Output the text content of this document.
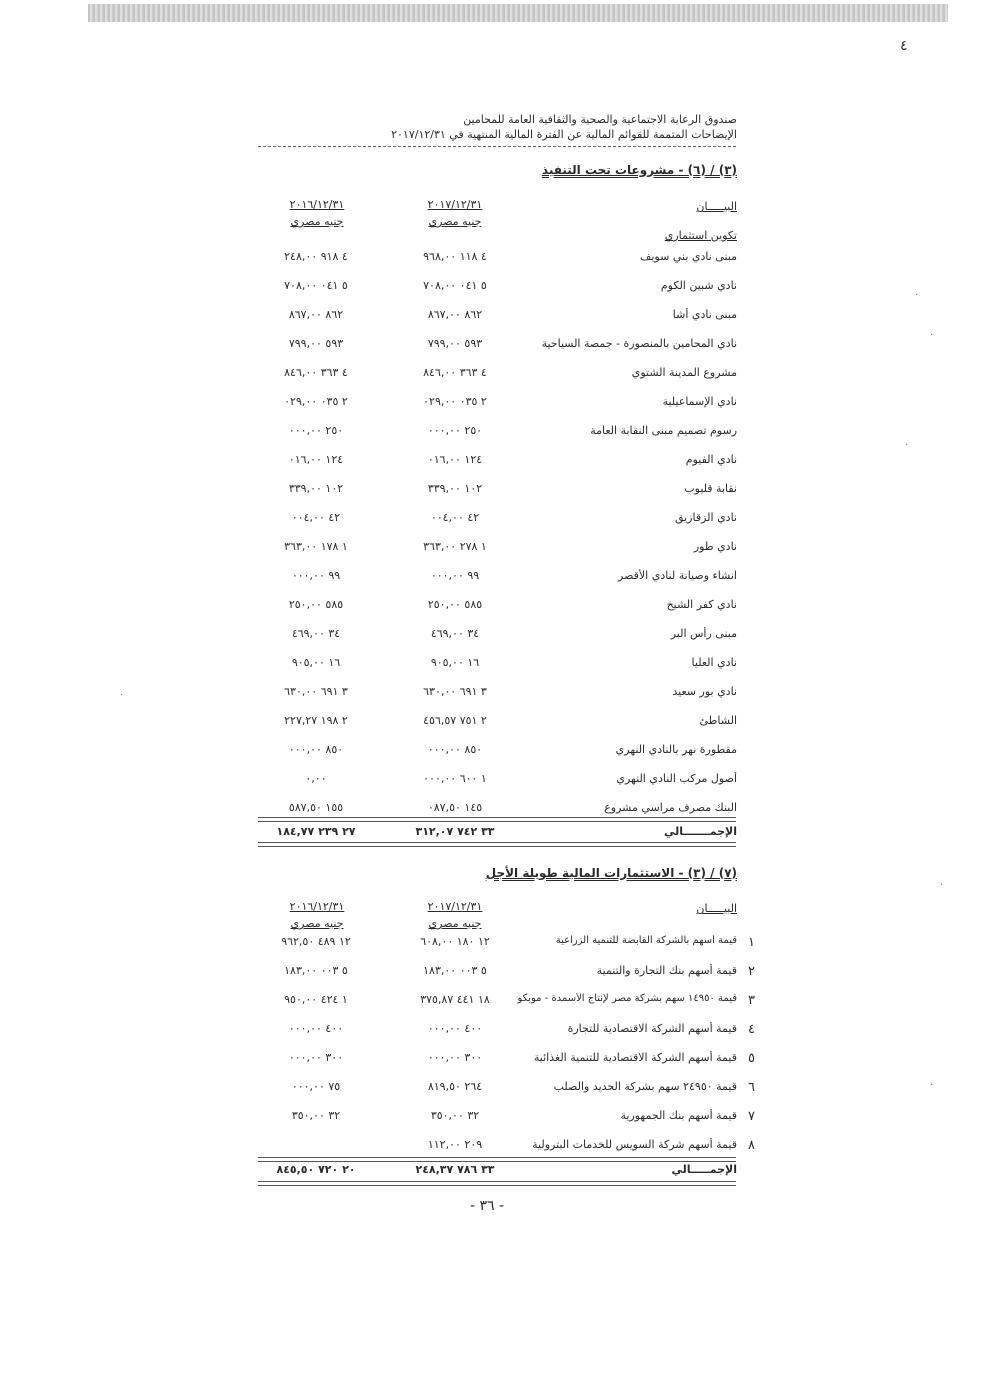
٤
صندوق الرعاية الاجتماعية والصحية والثقافية العامة للمحامين
الإيضاحات المتممة للقوائم المالية عن الفترة المالية المنتهية في ٢٠١٧/١٢/٣١
(٣) / (٦) - مشروعات تحت التنفيذ
٢٠١٧/١٢/٣١
جنيه مصري
٢٠١٦/١٢/٣١
جنيه مصري
البيـــــان
تكوين استثماري
مبنى نادي بني سويف
٤ ١١٨ ٩٦٨,٠٠
٤ ٩١٨ ٢٤٨,٠٠
نادي شبين الكوم
٥ ٠٤١ ٧٠٨,٠٠
٥ ٠٤١ ٧٠٨,٠٠
مبنى نادي أشا
٨٦٢ ٨٦٧,٠٠
٨٦٢ ٨٦٧,٠٠
نادي المحامين بالمنصورة - جمصة السياحية
٥٩٣ ٧٩٩,٠٠
٥٩٣ ٧٩٩,٠٠
مشروع المدينة الشتوي
٤ ٣٦٣ ٨٤٦,٠٠
٤ ٣٦٣ ٨٤٦,٠٠
نادي الإسماعيلية
٢ ٠٣٥ ٠٢٩,٠٠
٢ ٠٣٥ ٠٢٩,٠٠
رسوم تصميم مبنى النقابة العامة
٢٥٠ ٠٠٠,٠٠
٢٥٠ ٠٠٠,٠٠
نادي الفيوم
١٢٤ ٠١٦,٠٠
١٢٤ ٠١٦,٠٠
نقابة قليوب
١٠٢ ٣٣٩,٠٠
١٠٢ ٣٣٩,٠٠
نادي الزقازيق
٤٢ ٠٠٤,٠٠
٤٢ ٠٠٤,٠٠
نادي طور
١ ٢٧٨ ٣٦٣,٠٠
١ ١٧٨ ٣٦٣,٠٠
انشاء وصيانة لنادي الأقصر
٩٩ ٠٠٠,٠٠
٩٩ ٠٠٠,٠٠
نادي كفر الشيخ
٥٨٥ ٢٥٠,٠٠
٥٨٥ ٢٥٠,٠٠
مبنى رأس البر
٣٤ ٤٦٩,٠٠
٣٤ ٤٦٩,٠٠
نادي العليا
١٦ ٩٠٥,٠٠
١٦ ٩٠٥,٠٠
نادي بور سعيد
٣ ٦٩١ ٦٣٠,٠٠
٣ ٦٩١ ٦٣٠,٠٠
الشاطئ
٢ ٧٥١ ٤٥٦,٥٧
٢ ١٩٨ ٢٢٧,٢٧
مقطورة نهر بالنادي النهري
٨٥٠ ٠٠٠,٠٠
٨٥٠ ٠٠٠,٠٠
أصول مركب النادي النهري
١ ٦٠٠ ٠٠٠,٠٠
٠,٠٠
البنك مصرف مراسي مشروع
١٤٥ ٠٨٧,٥٠
١٥٥ ٥٨٧,٥٠
الإجمـــــــالي
٣٣ ٧٤٢ ٣١٢,٠٧
٢٧ ٢٣٩ ١٨٤,٧٧
(٧) / (٣) - الاستثمارات المالية طويلة الأجل
٢٠١٧/١٢/٣١
جنيه مصري
٢٠١٦/١٢/٣١
جنيه مصري
البيـــــان
١
قيمة أسهم بالشركة القابضة للتنمية الزراعية
١٢ ١٨٠ ٦٠٨,٠٠
١٢ ٤٨٩ ٩٦٢,٥٠
٢
قيمة أسهم بنك التجارة والتنمية
٥ ٠٠٣ ١٨٣,٠٠
٥ ٠٠٣ ١٨٣,٠٠
٣
قيمة ١٤٩٥٠ سهم بشركة مصر لإنتاج الأسمدة - موبكو
١٨ ٤٤١ ٣٧٥,٨٧
١ ٤٢٤ ٩٥٠,٠٠
٤
قيمة أسهم الشركة الاقتصادية للتجارة
٤٠٠ ٠٠٠,٠٠
٤٠٠ ٠٠٠,٠٠
٥
قيمة أسهم الشركة الاقتصادية للتنمية الغذائية
٣٠٠ ٠٠٠,٠٠
٣٠٠ ٠٠٠,٠٠
٦
قيمة ٢٤٩٥٠ سهم بشركة الحديد والصلب
٢٦٤ ٨١٩,٥٠
٧٥ ٠٠٠,٠٠
٧
قيمة أسهم بنك الجمهورية
٣٢ ٣٥٠,٠٠
٣٢ ٣٥٠,٠٠
٨
قيمة أسهم شركة السويس للخدمات البترولية
٢٠٩ ١١٢,٠٠
الإجمـــــالي
٣٣ ٧٨٦ ٢٤٨,٣٧
٢٠ ٧٢٠ ٨٤٥,٥٠
- ٣٦ -
·
·
·
·
·
·
